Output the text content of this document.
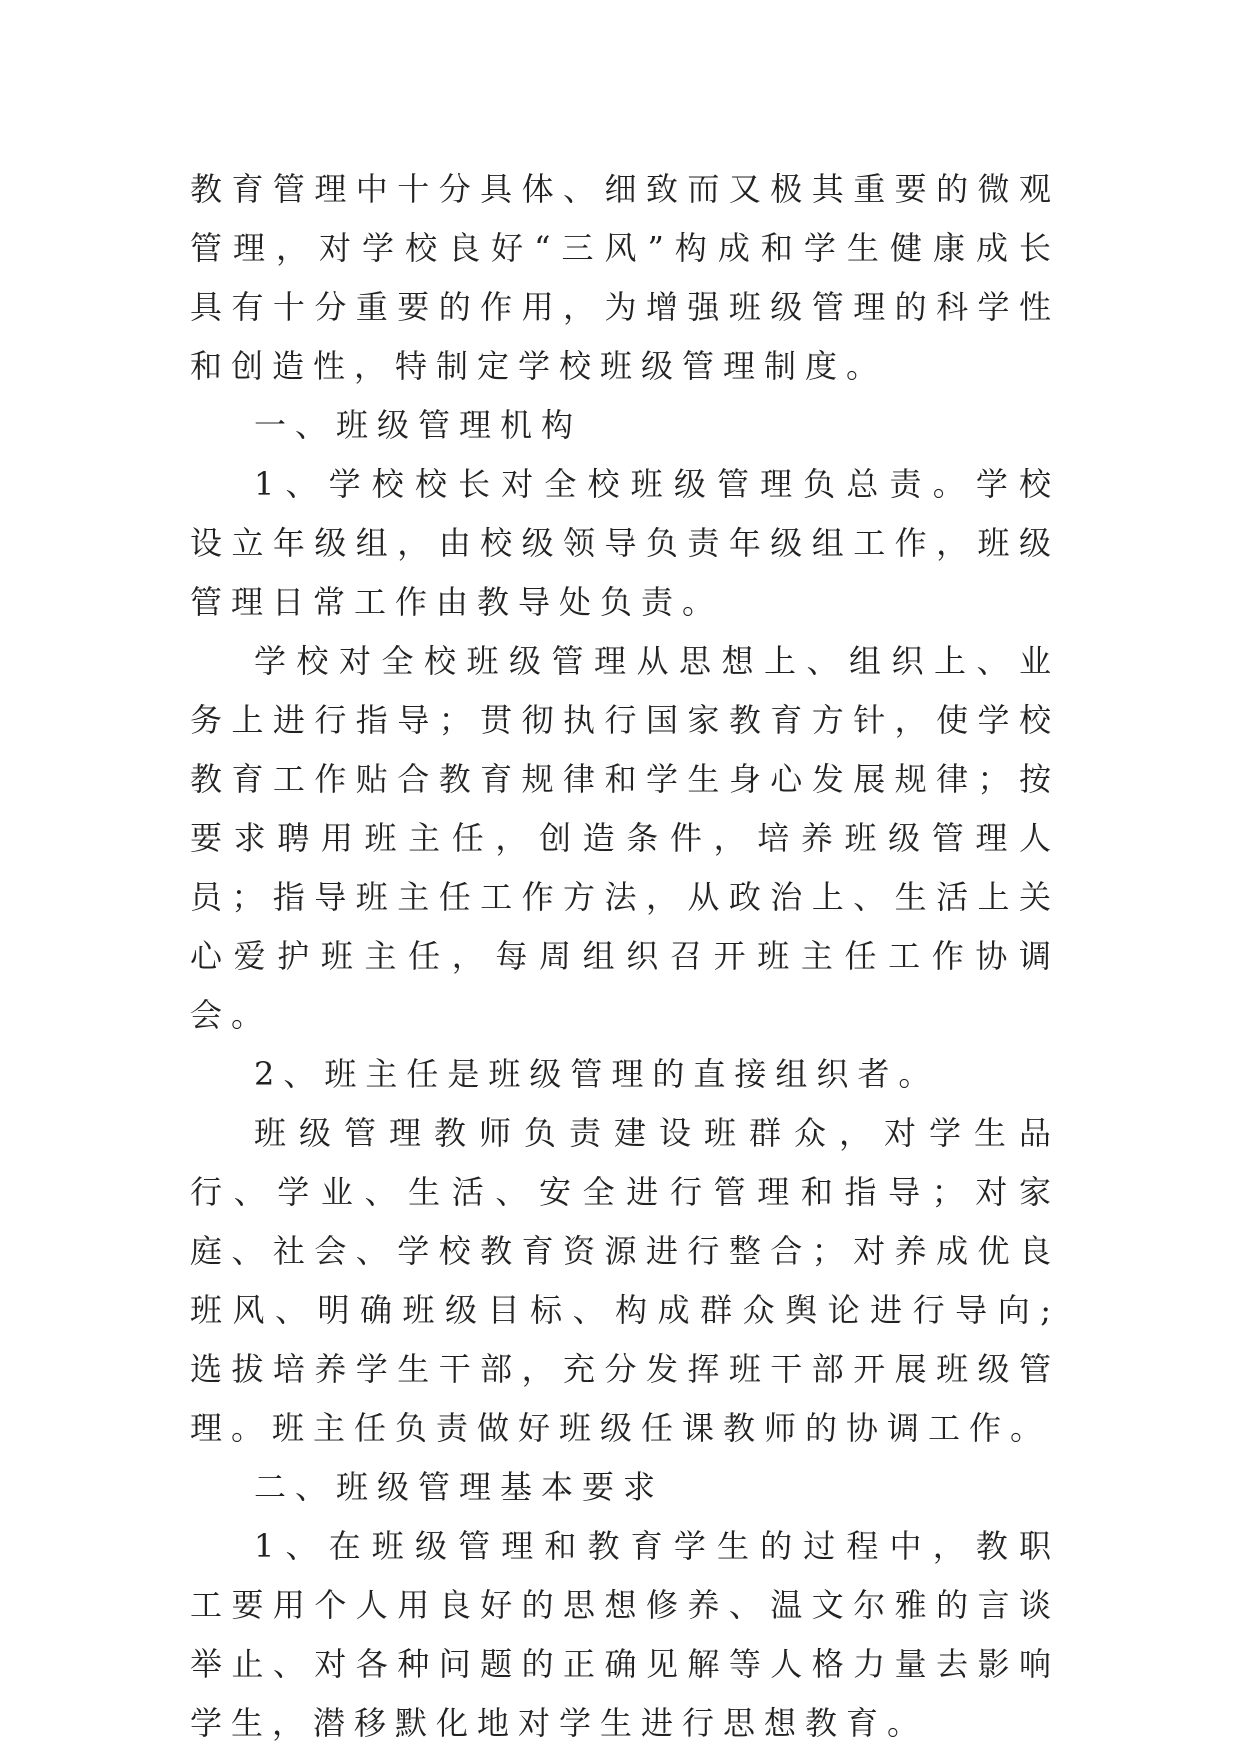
教育管理中十分具体、细致而又极其重要的微观管理，对学校良好“三风”构成和学生健康成长具有十分重要的作用，为增强班级管理的科学性和创造性，特制定学校班级管理制度。

一、班级管理机构

1、学校校长对全校班级管理负总责。学校设立年级组，由校级领导负责年级组工作，班级管理日常工作由教导处负责。

学校对全校班级管理从思想上、组织上、业务上进行指导；贯彻执行国家教育方针，使学校教育工作贴合教育规律和学生身心发展规律；按要求聘用班主任，创造条件，培养班级管理人员；指导班主任工作方法，从政治上、生活上关心爱护班主任，每周组织召开班主任工作协调会。

2、班主任是班级管理的直接组织者。

班级管理教师负责建设班群众，对学生品行、学业、生活、安全进行管理和指导；对家庭、社会、学校教育资源进行整合；对养成优良班风、明确班级目标、构成群众舆论进行导向;选拔培养学生干部，充分发挥班干部开展班级管理。班主任负责做好班级任课教师的协调工作。

二、班级管理基本要求

1、在班级管理和教育学生的过程中，教职工要用个人用良好的思想修养、温文尔雅的言谈举止、对各种问题的正确见解等人格力量去影响学生，潜移默化地对学生进行思想教育。
